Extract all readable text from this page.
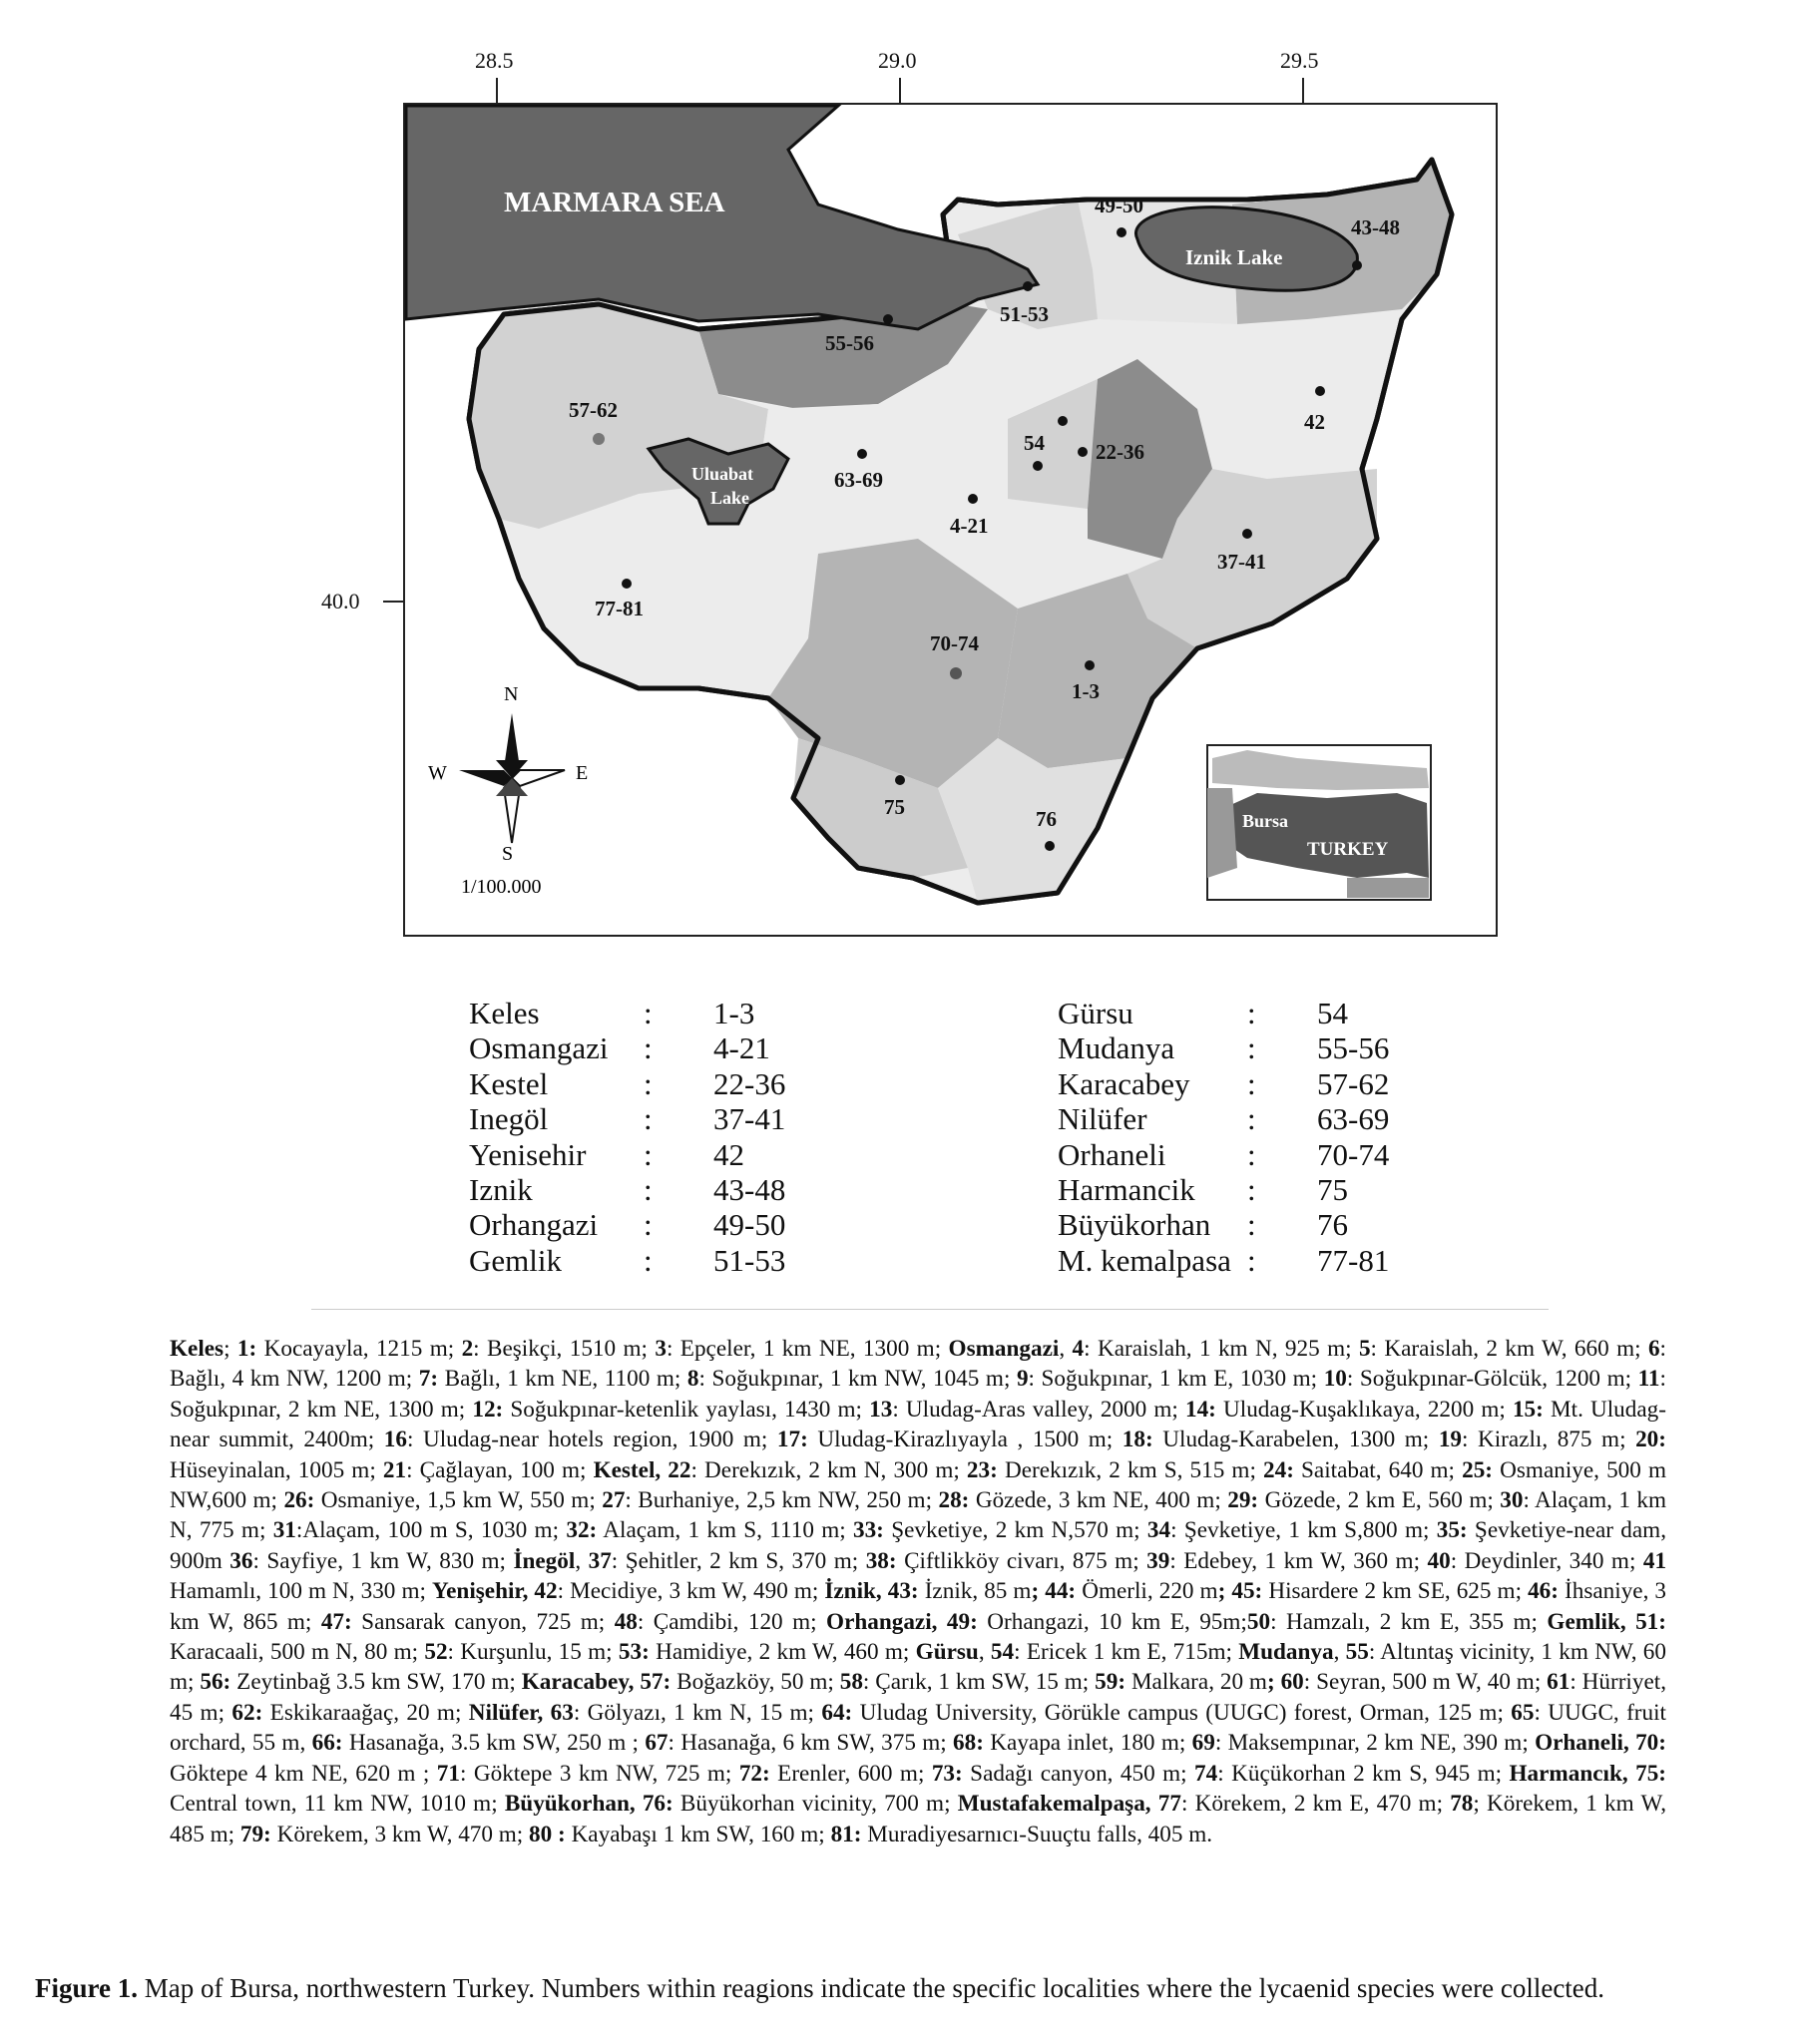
28.5	29.0	29.5
40.0
MARMARA SEA
Iznik Lake
Uluabat
Lake
49-50
43-48
51-53
55-56
57-62
54 22-36
42
63-69
4-21
37-41
77-81
70-74
1-3
75	76
N
S
E
W
1/100.000
Bursa
TURKEY
Keles	:	1-3
Osmangazi	:	4-21
Kestel	:	22-36
Inegöl	:	37-41
Yenisehir	:	42
Iznik	:	43-48
Orhangazi	:	49-50
Gemlik	:	51-53
Gürsu	:	54
Mudanya	:	55-56
Karacabey	:	57-62
Nilüfer	:	63-69
Orhaneli	:	70-74
Harmancik	:	75
Büyükorhan	:	76
M. kemalpasa :	77-81
Keles; 1: Kocayayla, 1215 m; 2: Beşikçi, 1510 m; 3: Epçeler, 1 km NE, 1300 m; Osmangazi, 4: Karaislah, 1 km N, 925 m; 5: Karaislah, 2 km W, 660 m; 6: Bağlı, 4 km NW, 1200 m; 7: Bağlı, 1 km NE, 1100 m; 8: Soğukpınar, 1 km NW, 1045 m; 9: Soğukpınar, 1 km E, 1030 m; 10: Soğukpınar-Gölcük, 1200 m; 11: Soğukpınar, 2 km NE, 1300 m; 12: Soğukpınar-ketenlik yaylası, 1430 m; 13: Uludag-Aras valley, 2000 m; 14: Uludag-Kuşaklıkaya, 2200 m; 15: Mt. Uludag-near summit, 2400m; 16: Uludag-near hotels region, 1900 m; 17: Uludag-Kirazlıyayla , 1500 m; 18: Uludag-Karabelen, 1300 m; 19: Kirazlı, 875 m; 20: Hüseyinalan, 1005 m; 21: Çağlayan, 100 m; Kestel, 22: Derekızık, 2 km N, 300 m; 23: Derekızık, 2 km S, 515 m; 24: Saitabat, 640 m; 25: Osmaniye, 500 m NW,600 m; 26: Osmaniye, 1,5 km W, 550 m; 27: Burhaniye, 2,5 km NW, 250 m; 28: Gözede, 3 km NE, 400 m; 29: Gözede, 2 km E, 560 m; 30: Alaçam, 1 km N, 775 m; 31:Alaçam, 100 m S, 1030 m; 32: Alaçam, 1 km S, 1110 m; 33: Şevketiye, 2 km N,570 m; 34: Şevketiye, 1 km S,800 m; 35: Şevketiye-near dam, 900m 36: Sayfiye, 1 km W, 830 m; İnegöl, 37: Şehitler, 2 km S, 370 m; 38: Çiftlikköy civarı, 875 m; 39: Edebey, 1 km W, 360 m; 40: Deydinler, 340 m; 41 Hamamlı, 100 m N, 330 m; Yenişehir, 42: Mecidiye, 3 km W, 490 m; İznik, 43: İznik, 85 m; 44: Ömerli, 220 m; 45: Hisardere 2 km SE, 625 m; 46: İhsaniye, 3 km W, 865 m; 47: Sansarak canyon, 725 m; 48: Çamdibi, 120 m; Orhangazi, 49: Orhangazi, 10 km E, 95m;50: Hamzalı, 2 km E, 355 m; Gemlik, 51: Karacaali, 500 m N, 80 m; 52: Kurşunlu, 15 m; 53: Hamidiye, 2 km W, 460 m; Gürsu, 54: Ericek 1 km E, 715m; Mudanya, 55: Altıntaş vicinity, 1 km NW, 60 m; 56: Zeytinbağ 3.5 km SW, 170 m; Karacabey, 57: Boğazköy, 50 m; 58: Çarık, 1 km SW, 15 m; 59: Malkara, 20 m; 60: Seyran, 500 m W, 40 m; 61: Hürriyet, 45 m; 62: Eskikaraağaç, 20 m; Nilüfer, 63: Gölyazı, 1 km N, 15 m; 64: Uludag University, Görükle campus (UUGC) forest, Orman, 125 m; 65: UUGC, fruit orchard, 55 m, 66: Hasanağa, 3.5 km SW, 250 m ; 67: Hasanağa, 6 km SW, 375 m; 68: Kayapa inlet, 180 m; 69: Maksempınar, 2 km NE, 390 m; Orhaneli, 70: Göktepe 4 km NE, 620 m ; 71: Göktepe 3 km NW, 725 m; 72: Erenler, 600 m; 73: Sadağı canyon, 450 m; 74: Küçükorhan 2 km S, 945 m; Harmancık, 75: Central town, 11 km NW, 1010 m; Büyükorhan, 76: Büyükorhan vicinity, 700 m; Mustafakemalpaşa, 77: Körekem, 2 km E, 470 m; 78; Körekem, 1 km W, 485 m; 79: Körekem, 3 km W, 470 m; 80 : Kayabaşı 1 km SW, 160 m; 81: Muradiyesarnıcı-Suuçtu falls, 405 m.
Figure 1. Map of Bursa, northwestern Turkey. Numbers within reagions indicate the specific localities where the lycaenid species were collected.
